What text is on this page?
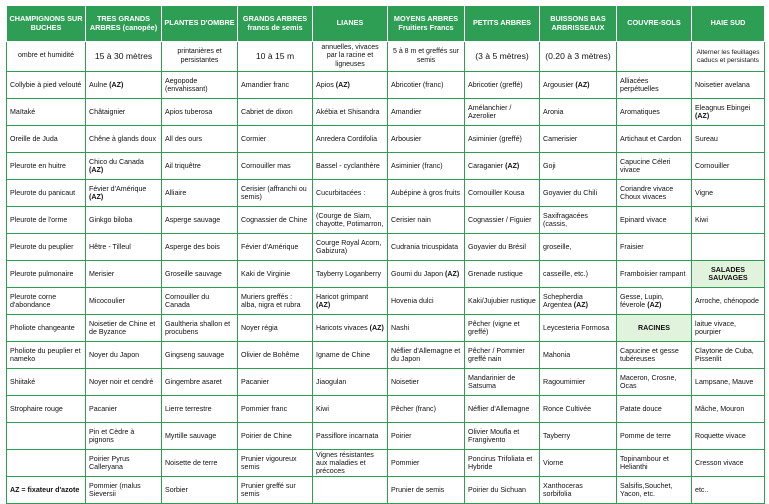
CHAMPIGNONS SUR BUCHES	TRES GRANDS ARBRES (canopée)	PLANTES D'OMBRE	GRANDS ARBRES francs de semis	LIANES	MOYENS ARBRES Fruitiers Francs	PETITS ARBRES	BUISSONS BAS ARBRISSEAUX	COUVRE-SOLS	HAIE SUD
ombre et humidité	15 à 30 mètres	printanières et persistantes	10 à 15 m	annuelles, vivaces par la racine et ligneuses	5 à 8 m et greffés sur semis	(3 à 5 mètres)	(0.20 à 3 mètres)		Alterner les feuillages caducs et persistants
Collybie à pied velouté	Aulne (AZ)	Aegopode (envahissant)	Amandier franc	Apios (AZ)	Abricotier (franc)	Abricotier (greffé)	Argousier (AZ)	Alliacées perpétuelles	Noisetier avelana
Maïtaké	Châtaignier	Apios tuberosa	Cabriet de dixon	Akébia et Shisandra	Amandier	Amélanchier / Azerolier	Aronia	Aromatiques	Eleagnus Ebingei (AZ)
Oreille de Juda	Chêne à glands doux	All des ours	Cormier	Anredera Cordifolia	Arbousier	Asiminier (greffé)	Camerisier	Artichaut et Cardon	Sureau
Pleurote en huitre	Chico du Canada (AZ)	Ail triquêtre	Cornouiller mas	Bassel - cyclanthère	Asiminier (franc)	Caraganier (AZ)	Goji	Capucine Céleri vivace	Cornouiller
Pleurote du panicaut	Févier d'Amérique (AZ)	Alliaire	Cerisier (affranchi ou semis)	Cucurbitacées :	Aubépine à gros fruits	Cornouiller Kousa	Goyavier du Chili	Coriandre vivace Choux vivaces	Vigne
Pleurote de l'orme	Ginkgo biloba	Asperge sauvage	Cognassier de Chine	(Courge de Siam, chayotte, Potimarron,	Cerisier nain	Cognassier / Figuier	Saxifragacées (cassis,	Epinard vivace	Kiwi
Pleurote du peuplier	Hêtre - Tilleul	Asperge des bois	Févier d'Amérique	Courge Royal Acorn, Gabizura)	Cudrania tricuspidata	Goyavier du Brésil	groseille,	Fraisier	
Pleurote pulmonaire	Merisier	Groseille sauvage	Kaki de Virginie	Tayberry Loganberry	Goumi du Japon (AZ)	Grenade rustique	casseille, etc.)	Framboisier rampant	SALADES SAUVAGES
Pleurote corne d'abondance	Micocoulier	Cornouiller du Canada	Muriers greffés : alba, nigra et rubra	Haricot grimpant (AZ)	Hovenia dulci	Kaki/Jujubier rustique	Schepherdia Argentea (AZ)	Gesse, Lupin, féverole (AZ)	Arroche, chénopode
Pholiote changeante	Noisetier de Chine et de Byzance	Gaultheria shallon et procubens	Noyer régia	Haricots vivaces (AZ)	Nashi	Pêcher (vigne et greffé)	Leycesteria Formosa	RACINES	laitue vivace, pourpier
Pholiote du peuplier et nameko	Noyer du Japon	Gingseng sauvage	Olivier de Bohême	Igname de Chine	Néflier d'Allemagne et du Japon	Pêcher / Pommier greffé nain	Mahonia	Capucine et gesse tubéreuses	Claytone de Cuba, Pissenlit
Shiitaké	Noyer noir et cendré	Gingembre asaret	Pacanier	Jiaogulan	Noisetier	Mandarinier de Satsuma	Ragoumimier	Maceron, Crosne, Ocas	Lampsane, Mauve
Strophaire rouge	Pacanier	Lierre terrestre	Pommier franc	Kiwi	Pêcher (franc)	Néflier d'Allemagne	Ronce Cultivée	Patate douce	Mâche, Mouron
	Pin et Cèdre à pignons	Myrtille sauvage	Poirier de Chine	Passiflore incarnata	Poirier	Olivier Moufla et Frangivento	Tayberry	Pomme de terre	Roquette vivace
	Poirier Pyrus Calleryana	Noisette de terre	Prunier vigoureux semis	Vignes résistantes aux maladies et précoces	Pommier	Poncirus Trifoliata et Hybride	Viorne	Topinambour et Helianthi	Cresson vivace
AZ = fixateur d'azote	Pommier (malus Sieversii	Sorbier	Prunier greffé sur semis		Prunier de semis	Poirier du Sichuan	Xanthoceras sorbifolia	Salsifis,Souchet, Yacon, etc.	etc..
